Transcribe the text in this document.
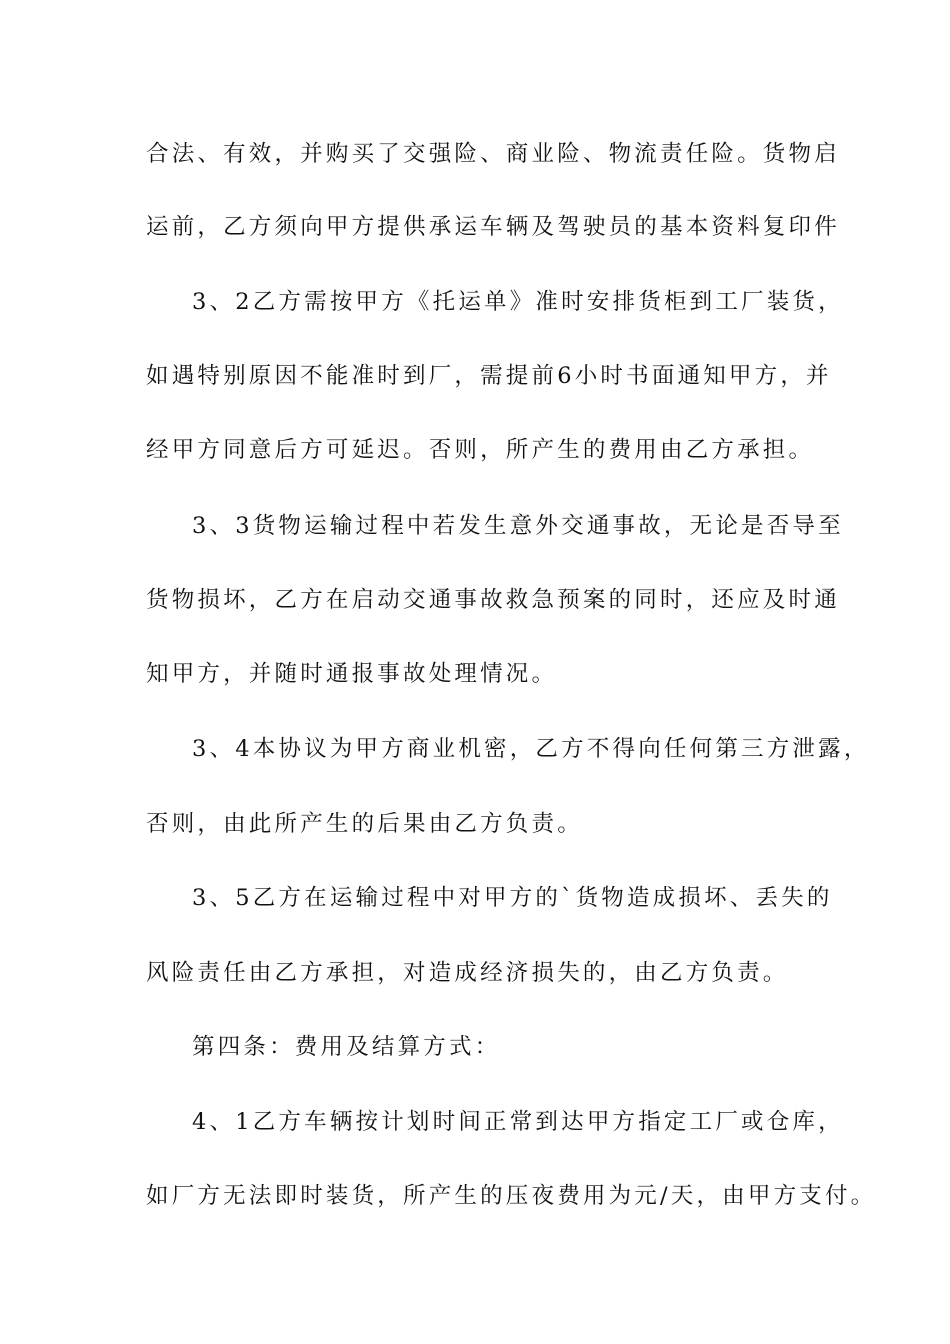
合法、有效，并购买了交强险、商业险、物流责任险。货物启
运前，乙方须向甲方提供承运车辆及驾驶员的基本资料复印件
3、2乙方需按甲方《托运单》准时安排货柜到工厂装货，
如遇特别原因不能准时到厂，需提前6小时书面通知甲方，并
经甲方同意后方可延迟。否则，所产生的费用由乙方承担。
3、3货物运输过程中若发生意外交通事故，无论是否导至
货物损坏，乙方在启动交通事故救急预案的同时，还应及时通
知甲方，并随时通报事故处理情况。
3、4本协议为甲方商业机密，乙方不得向任何第三方泄露，
否则，由此所产生的后果由乙方负责。
3、5乙方在运输过程中对甲方的`货物造成损坏、丢失的
风险责任由乙方承担，对造成经济损失的，由乙方负责。
第四条：费用及结算方式：
4、1乙方车辆按计划时间正常到达甲方指定工厂或仓库，
如厂方无法即时装货，所产生的压夜费用为元/天，由甲方支付。
